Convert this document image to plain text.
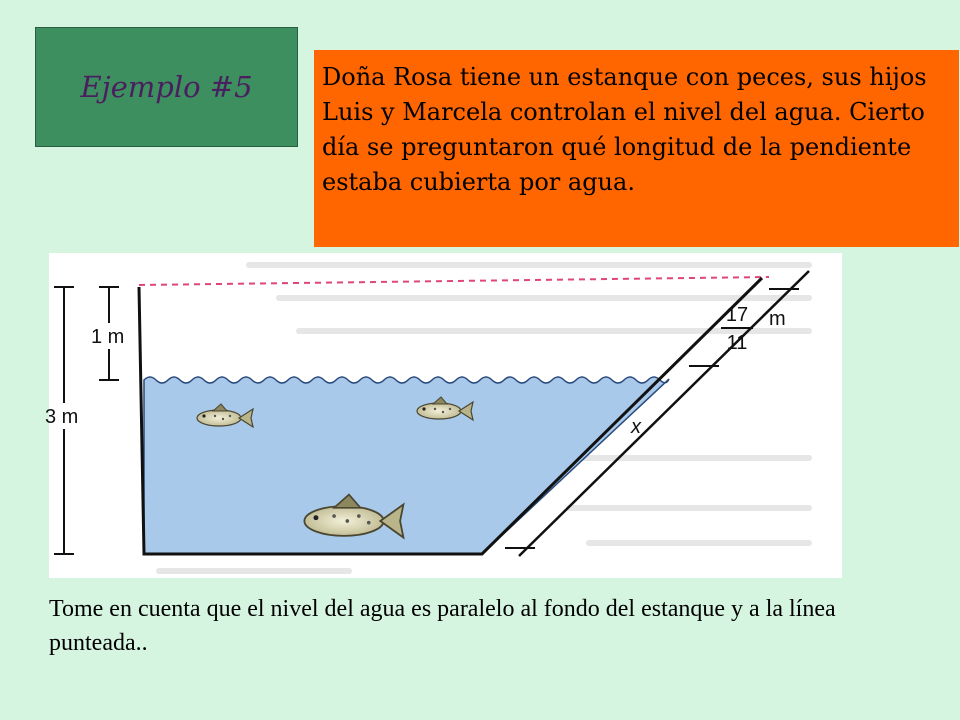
Ejemplo #5	Doña Rosa tiene un estanque con peces, sus hijos Luis y Marcela controlan el nivel del agua. Cierto día se preguntaron qué longitud de la pendiente estaba cubierta por agua.
3 m
1 m
17
11
m
x
Tome en cuenta que el nivel del agua es paralelo al fondo del estanque y a la línea punteada..
